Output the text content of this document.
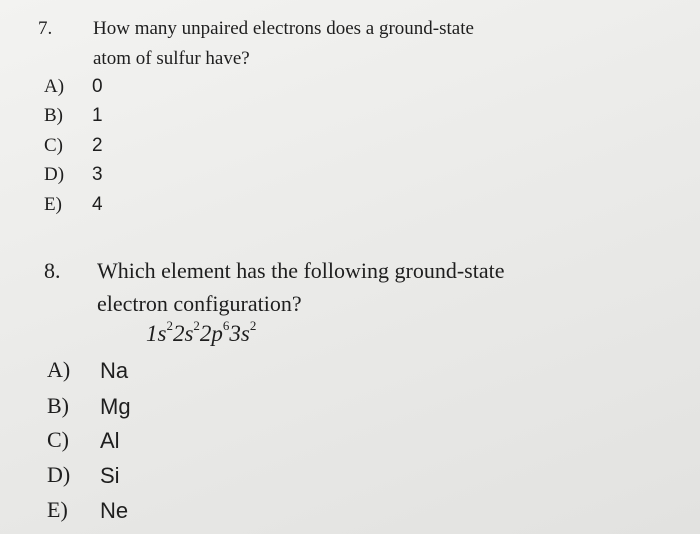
7. How many unpaired electrons does a ground-state
atom of sulfur have?
A) 0
B) 1
C) 2
D) 3
E) 4
8. Which element has the following ground-state
electron configuration?
$1s^22s^22p^63s^2$
A) Na
B) Mg
C) Al
D) Si
E) Ne
